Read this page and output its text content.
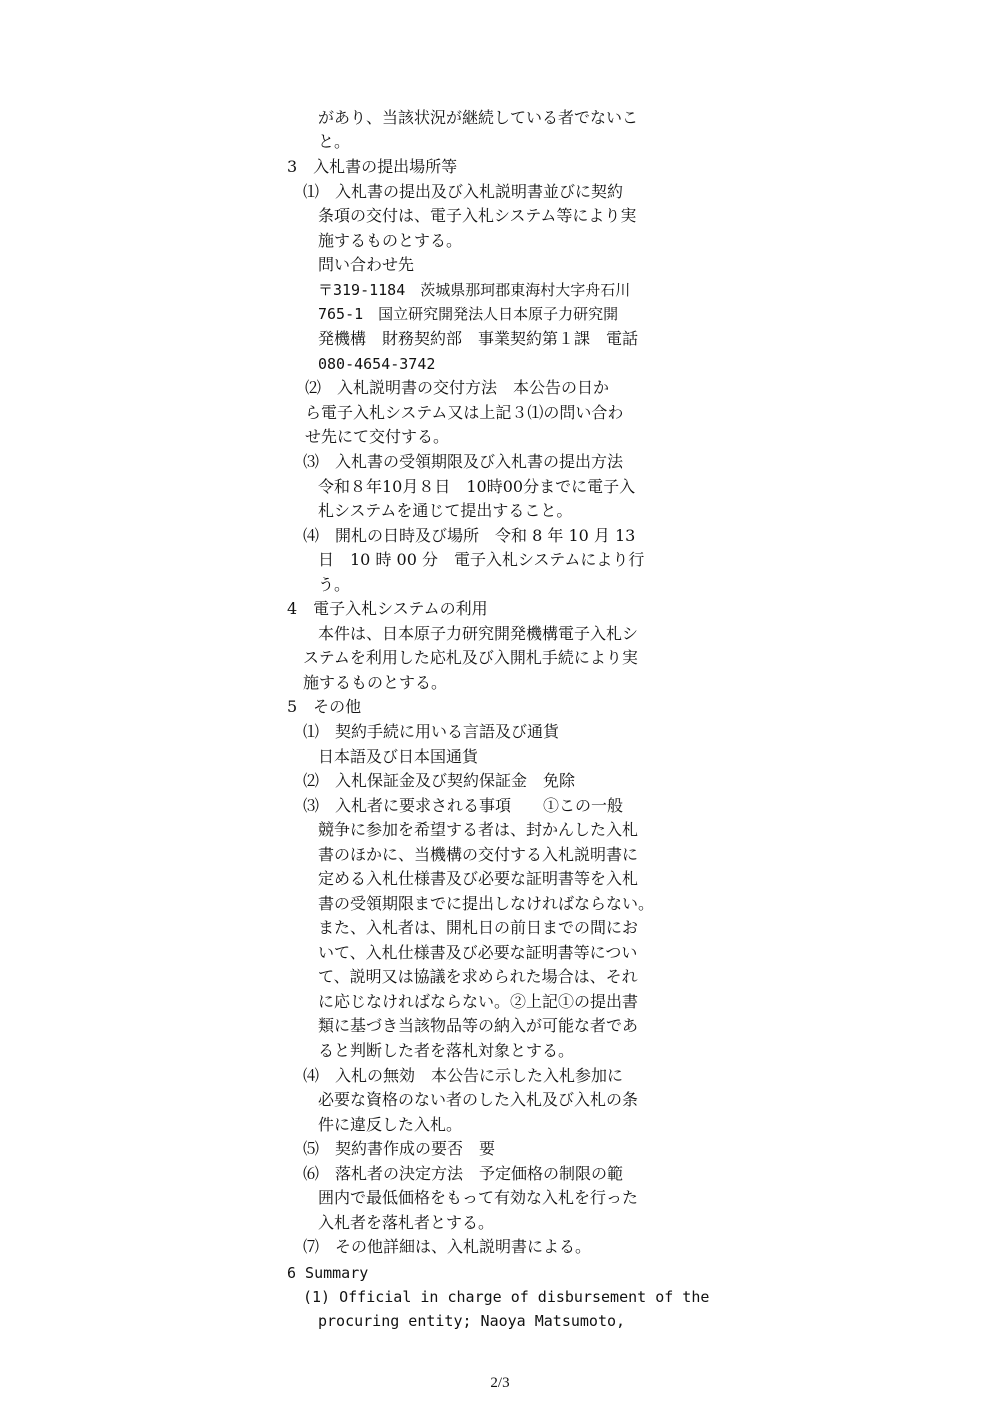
があり、当該状況が継続している者でないこ
と。
3　入札書の提出場所等
⑴　入札書の提出及び入札説明書並びに契約
条項の交付は、電子入札システム等により実
施するものとする。
問い合わせ先
〒319-1184　茨城県那珂郡東海村大字舟石川
765-1　国立研究開発法人日本原子力研究開
発機構　財務契約部　事業契約第１課　電話
080-4654-3742
⑵　入札説明書の交付方法　本公告の日か
ら電子入札システム又は上記３⑴の問い合わ
せ先にて交付する。
⑶　入札書の受領期限及び入札書の提出方法
令和８年10月８日　10時00分までに電子入
札システムを通じて提出すること。
⑷　開札の日時及び場所　令和 8 年 10 月 13
日　10 時 00 分　電子入札システムにより行
う。
4　電子入札システムの利用
本件は、日本原子力研究開発機構電子入札シ
ステムを利用した応札及び入開札手続により実
施するものとする。
5　その他
⑴　契約手続に用いる言語及び通貨
日本語及び日本国通貨
⑵　入札保証金及び契約保証金　免除
⑶　入札者に要求される事項　　①この一般
競争に参加を希望する者は、封かんした入札
書のほかに、当機構の交付する入札説明書に
定める入札仕様書及び必要な証明書等を入札
書の受領期限までに提出しなければならない。
また、入札者は、開札日の前日までの間にお
いて、入札仕様書及び必要な証明書等につい
て、説明又は協議を求められた場合は、それ
に応じなければならない。②上記①の提出書
類に基づき当該物品等の納入が可能な者であ
ると判断した者を落札対象とする。
⑷　入札の無効　本公告に示した入札参加に
必要な資格のない者のした入札及び入札の条
件に違反した入札。
⑸　契約書作成の要否　要
⑹　落札者の決定方法　予定価格の制限の範
囲内で最低価格をもって有効な入札を行った
入札者を落札者とする。
⑺　その他詳細は、入札説明書による。
6 Summary
(1) Official in charge of disbursement of the
procuring entity; Naoya Matsumoto,
2/3
